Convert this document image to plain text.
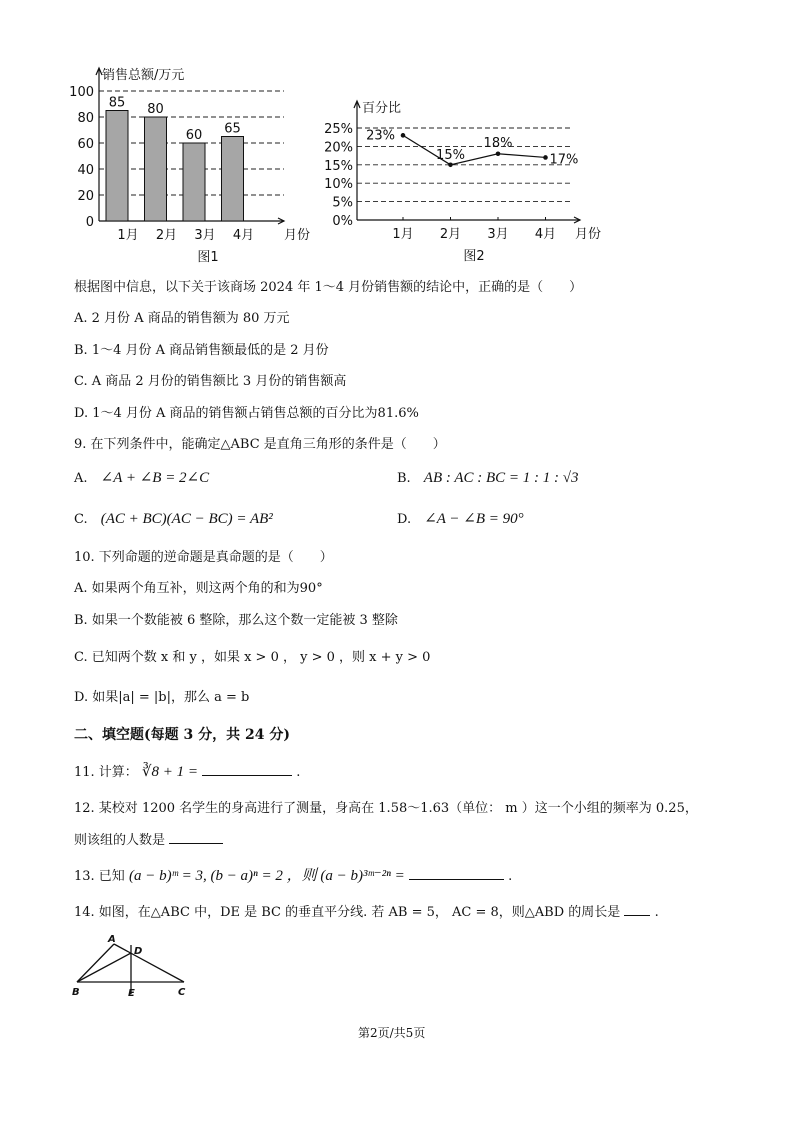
0
20
40
60
80
100
销售总额/万元
85
1月
80
2月
60
3月
65
4月 月份
图1
0%
5%
10%
15%
20%
25%
百分比
23%
1月
15%
2月
18%
3月
17%
4月 月份
图2
根据图中信息，以下关于该商场 2024 年 1～4 月份销售额的结论中，正确的是（　　）
A. 2 月份 A 商品的销售额为 80 万元
B. 1～4 月份 A 商品销售额最低的是 2 月份
C. A 商品 2 月份的销售额比 3 月份的销售额高
D. 1～4 月份 A 商品的销售额占销售总额的百分比为81.6%
9. 在下列条件中，能确定△ABC 是直角三角形的条件是（　　）
A. ∠A + ∠B = 2∠C	B. AB : AC : BC = 1 : 1 : √3
C. (AC + BC)(AC − BC) = AB²	D. ∠A − ∠B = 90°
10. 下列命题的逆命题是真命题的是（　　）
A. 如果两个角互补，则这两个角的和为90°
B. 如果一个数能被 6 整除，那么这个数一定能被 3 整除
C. 已知两个数 x 和 y ，如果 x > 0 ， y > 0 ，则 x + y > 0
D. 如果|a| = |b|，那么 a = b
二、填空题(每题 3 分，共 24 分)
11. 计算： ∛8 + 1 =	.
12. 某校对 1200 名学生的身高进行了测量，身高在 1.58～1.63（单位： m ）这一个小组的频率为 0.25，
则该组的人数是
13. 已知 (a − b)ᵐ = 3, (b − a)ⁿ = 2 ，则 (a − b)³ᵐ⁻²ⁿ =	.
14. 如图，在△ABC 中，DE 是 BC 的垂直平分线. 若 AB = 5， AC = 8，则△ABD 的周长是	.
A
D
B	E	C
第2页/共5页
